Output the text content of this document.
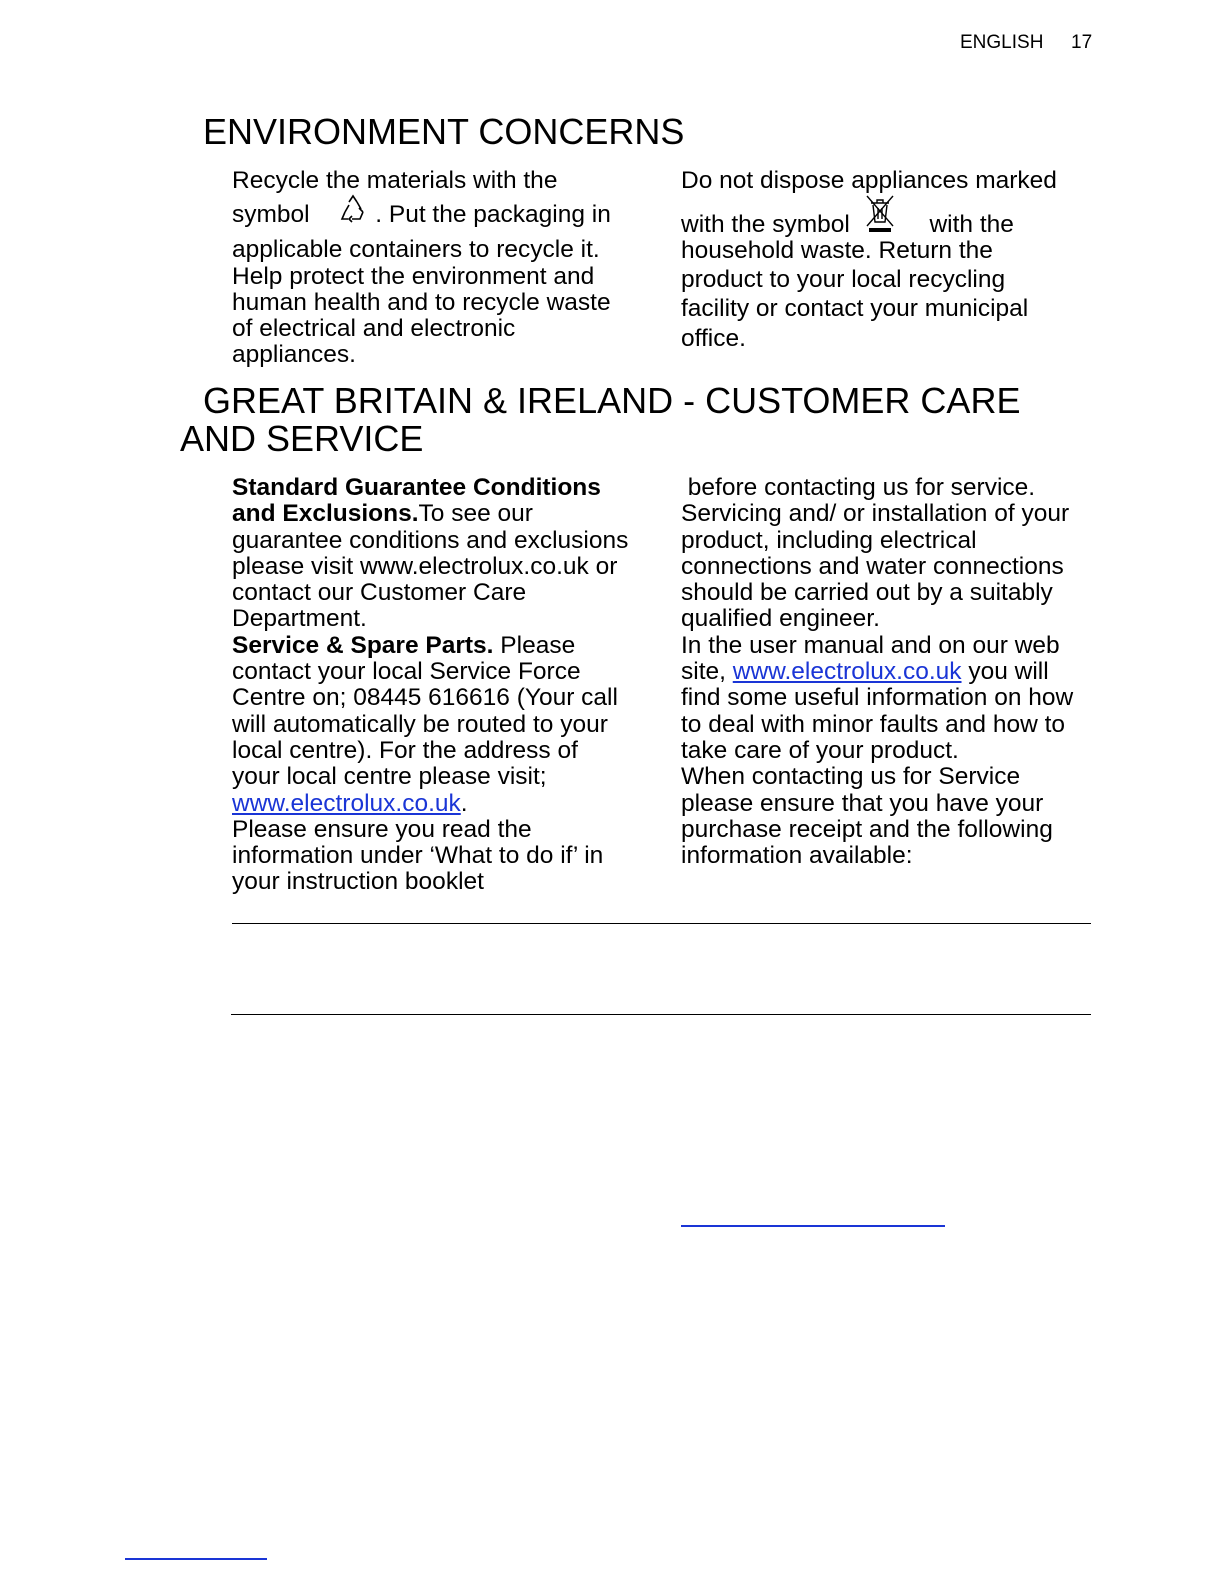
ENGLISH 17
ENVIRONMENT CONCERNS

Recycle the materials with the

symbol	. Put the packaging in

applicable containers to recycle it.

Help protect the environment and

human health and to recycle waste

of electrical and electronic

appliances.

Do not dispose appliances marked

with the symbol	with the

household waste. Return the

product to your local recycling

facility or contact your municipal

office.

GREAT BRITAIN & IRELAND - CUSTOMER CARE
AND SERVICE

Standard Guarantee Conditions

and Exclusions.To see our

guarantee conditions and exclusions

please visit www.electrolux.co.uk or

contact our Customer Care

Department.

Service & Spare Parts. Please

contact your local Service Force

Centre on; 08445 616616 (Your call

will automatically be routed to your

local centre). For the address of

your local centre please visit;

www.electrolux.co.uk.

Please ensure you read the

information under ‘What to do if’ in

your instruction booklet

before contacting us for service.

Servicing and/ or installation of your

product, including electrical

connections and water connections

should be carried out by a suitably

qualified engineer.

In the user manual and on our web

site, www.electrolux.co.uk you will

find some useful information on how

to deal with minor faults and how to

take care of your product.

When contacting us for Service

please ensure that you have your

purchase receipt and the following

information available:
